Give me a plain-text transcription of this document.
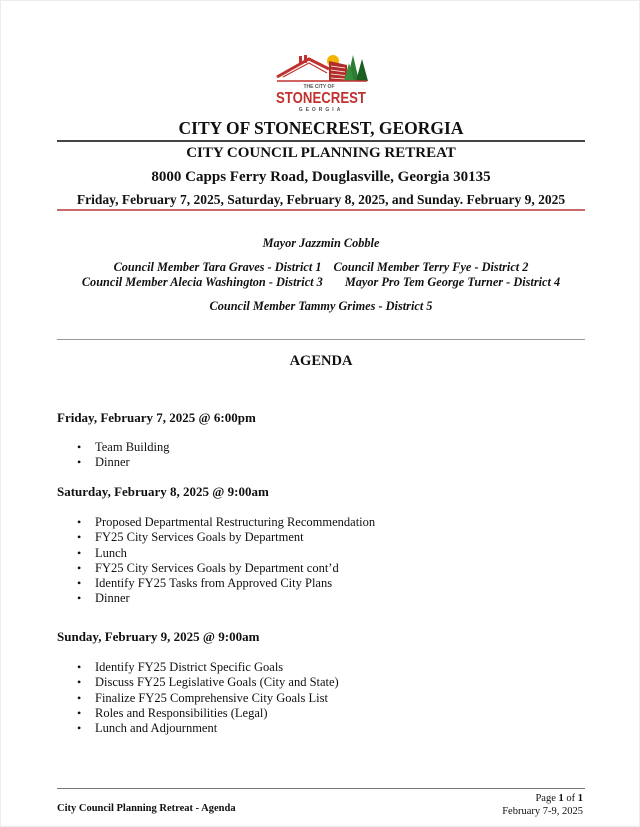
THE CITY OF
STONECREST
GEORGIA
CITY OF STONECREST, GEORGIA
CITY COUNCIL PLANNING RETREAT
8000 Capps Ferry Road, Douglasville, Georgia 30135
Friday, February 7, 2025, Saturday, February 8, 2025, and Sunday. February 9, 2025
Mayor Jazzmin Cobble
Council Member Tara Graves - District 1 Council Member Terry Fye - District 2
Council Member Alecia Washington - District 3 Mayor Pro Tem George Turner - District 4
Council Member Tammy Grimes - District 5
AGENDA

Friday, February 7, 2025 @ 6:00pm

• Team Building
• Dinner

Saturday, February 8, 2025 @ 9:00am

• Proposed Departmental Restructuring Recommendation
• FY25 City Services Goals by Department
• Lunch
• FY25 City Services Goals by Department cont’d
• Identify FY25 Tasks from Approved City Plans
• Dinner

Sunday, February 9, 2025 @ 9:00am

• Identify FY25 District Specific Goals
• Discuss FY25 Legislative Goals (City and State)
• Finalize FY25 Comprehensive City Goals List
• Roles and Responsibilities (Legal)
• Lunch and Adjournment
City Council Planning Retreat - Agenda
Page 1 of 1
February 7-9, 2025
